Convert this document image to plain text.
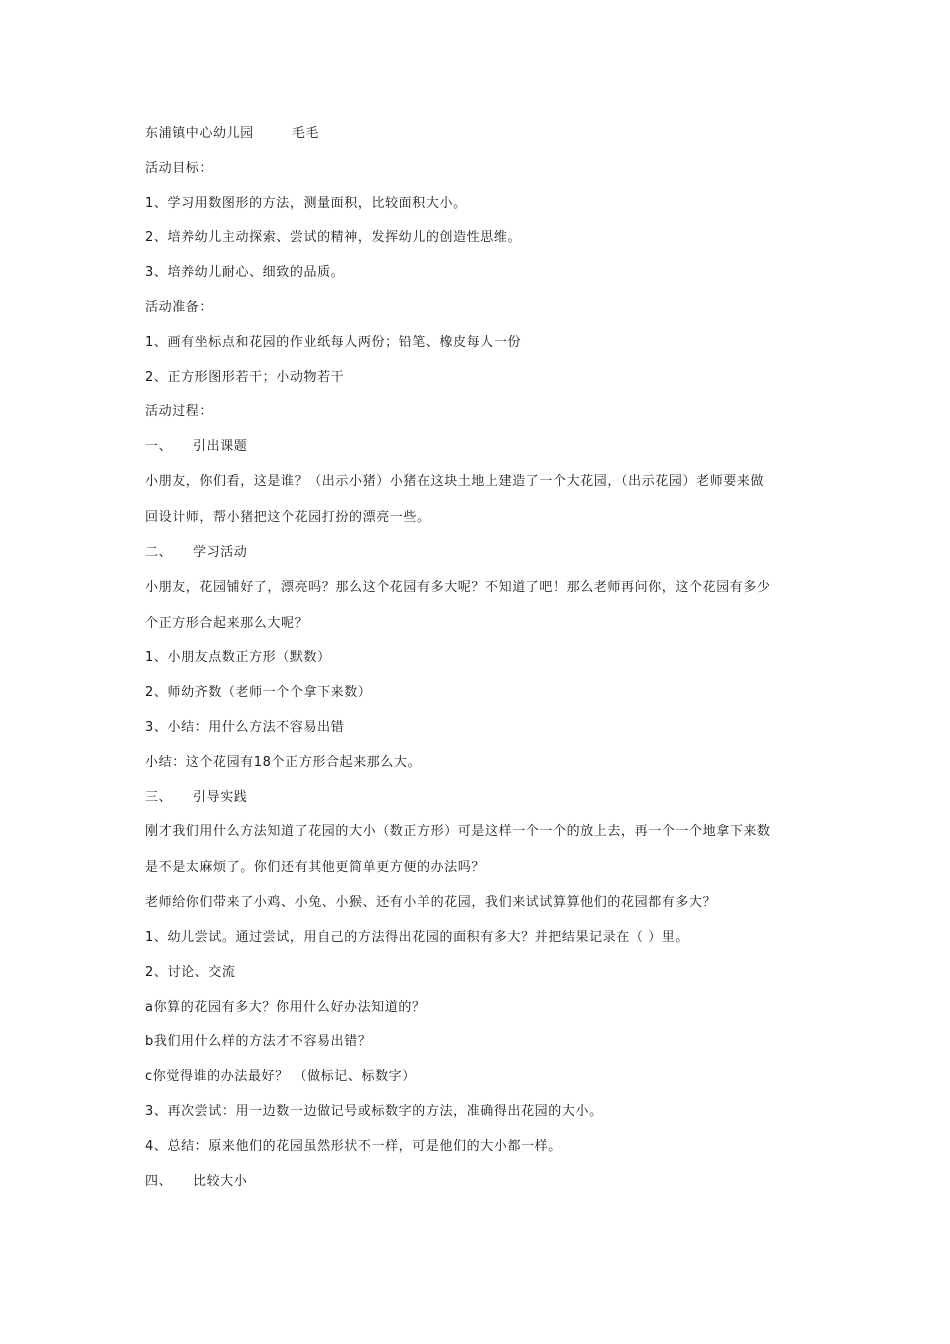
东浦镇中心幼儿园	毛毛
活动目标：
1、学习用数图形的方法，测量面积，比较面积大小。
2、培养幼儿主动探索、尝试的精神，发挥幼儿的创造性思维。
3、培养幼儿耐心、细致的品质。
活动准备：
1、画有坐标点和花园的作业纸每人两份；铅笔、橡皮每人一份
2、正方形图形若干；小动物若干
活动过程：
一、 引出课题
小朋友，你们看，这是谁？（出示小猪）小猪在这块土地上建造了一个大花园，（出示花园）老师要来做
回设计师，帮小猪把这个花园打扮的漂亮一些。
二、 学习活动
小朋友，花园铺好了，漂亮吗？那么这个花园有多大呢？不知道了吧！那么老师再问你，这个花园有多少
个正方形合起来那么大呢？
1、小朋友点数正方形（默数）
2、师幼齐数（老师一个个拿下来数）
3、小结：用什么方法不容易出错
小结：这个花园有18个正方形合起来那么大。
三、 引导实践
刚才我们用什么方法知道了花园的大小（数正方形）可是这样一个一个的放上去，再一个一个地拿下来数
是不是太麻烦了。你们还有其他更简单更方便的办法吗？
老师给你们带来了小鸡、小兔、小猴、还有小羊的花园，我们来试试算算他们的花园都有多大？
1、幼儿尝试。通过尝试，用自己的方法得出花园的面积有多大？并把结果记录在（ ）里。
2、讨论、交流
a你算的花园有多大？你用什么好办法知道的？
b我们用什么样的方法才不容易出错？
c你觉得谁的办法最好？ （做标记、标数字）
3、再次尝试：用一边数一边做记号或标数字的方法，准确得出花园的大小。
4、总结：原来他们的花园虽然形状不一样，可是他们的大小都一样。
四、 比较大小
